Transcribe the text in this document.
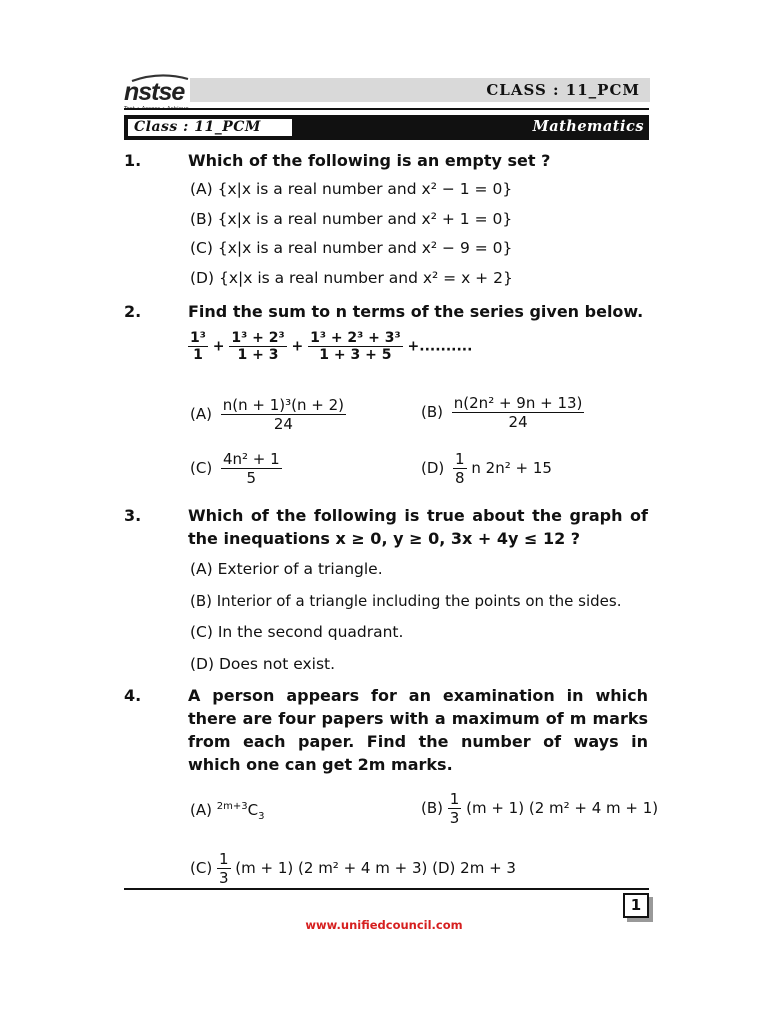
nstse	CLASS : 11_PCM
Class : 11_PCM	Mathematics
1.	Which of the following is an empty set ?
(A) {x|x is a real number and x² − 1 = 0}
(B) {x|x is a real number and x² + 1 = 0}
(C) {x|x is a real number and x² − 9 = 0}
(D) {x|x is a real number and x² = x + 2}
2.	Find the sum to n terms of the series given below.
$\frac{\text{1³}}{1} + \frac{\text{1³ + 2³}}{1 + 3} + \frac{\text{1³ + 2³ + 3³}}{1 + 3 + 5}$ +..........
$(A) \frac{\text{n(n + 1)³(n + 2)}}{24}$	$(B) \frac{\text{n(2n² + 9n + 13)}}{24}$
$(C) \frac{\text{4n² + 1}}{5}$	$(D) \frac{1}{8}$ n 2n² + 15
3.	Which of the following is true about the graph of the inequations x ≥ 0, y ≥ 0, 3x + 4y ≤ 12 ?
(A) Exterior of a triangle.
(B) Interior of a triangle including the points on the sides.
(C) In the second quadrant.
(D) Does not exist.
4.	A person appears for an examination in which there are four papers with a maximum of m marks from each paper. Find the number of ways in which one can get 2m marks.
(A) $^{2m+3}C_3$	$(B) \frac{1}{3} (m + 1)$ (2 m² + 4 m + 1)
$(C) \frac{1}{3} (m + 1)$ (2 m² + 4 m + 3) (D) 2m + 3
1
www.unifiedcouncil.com
